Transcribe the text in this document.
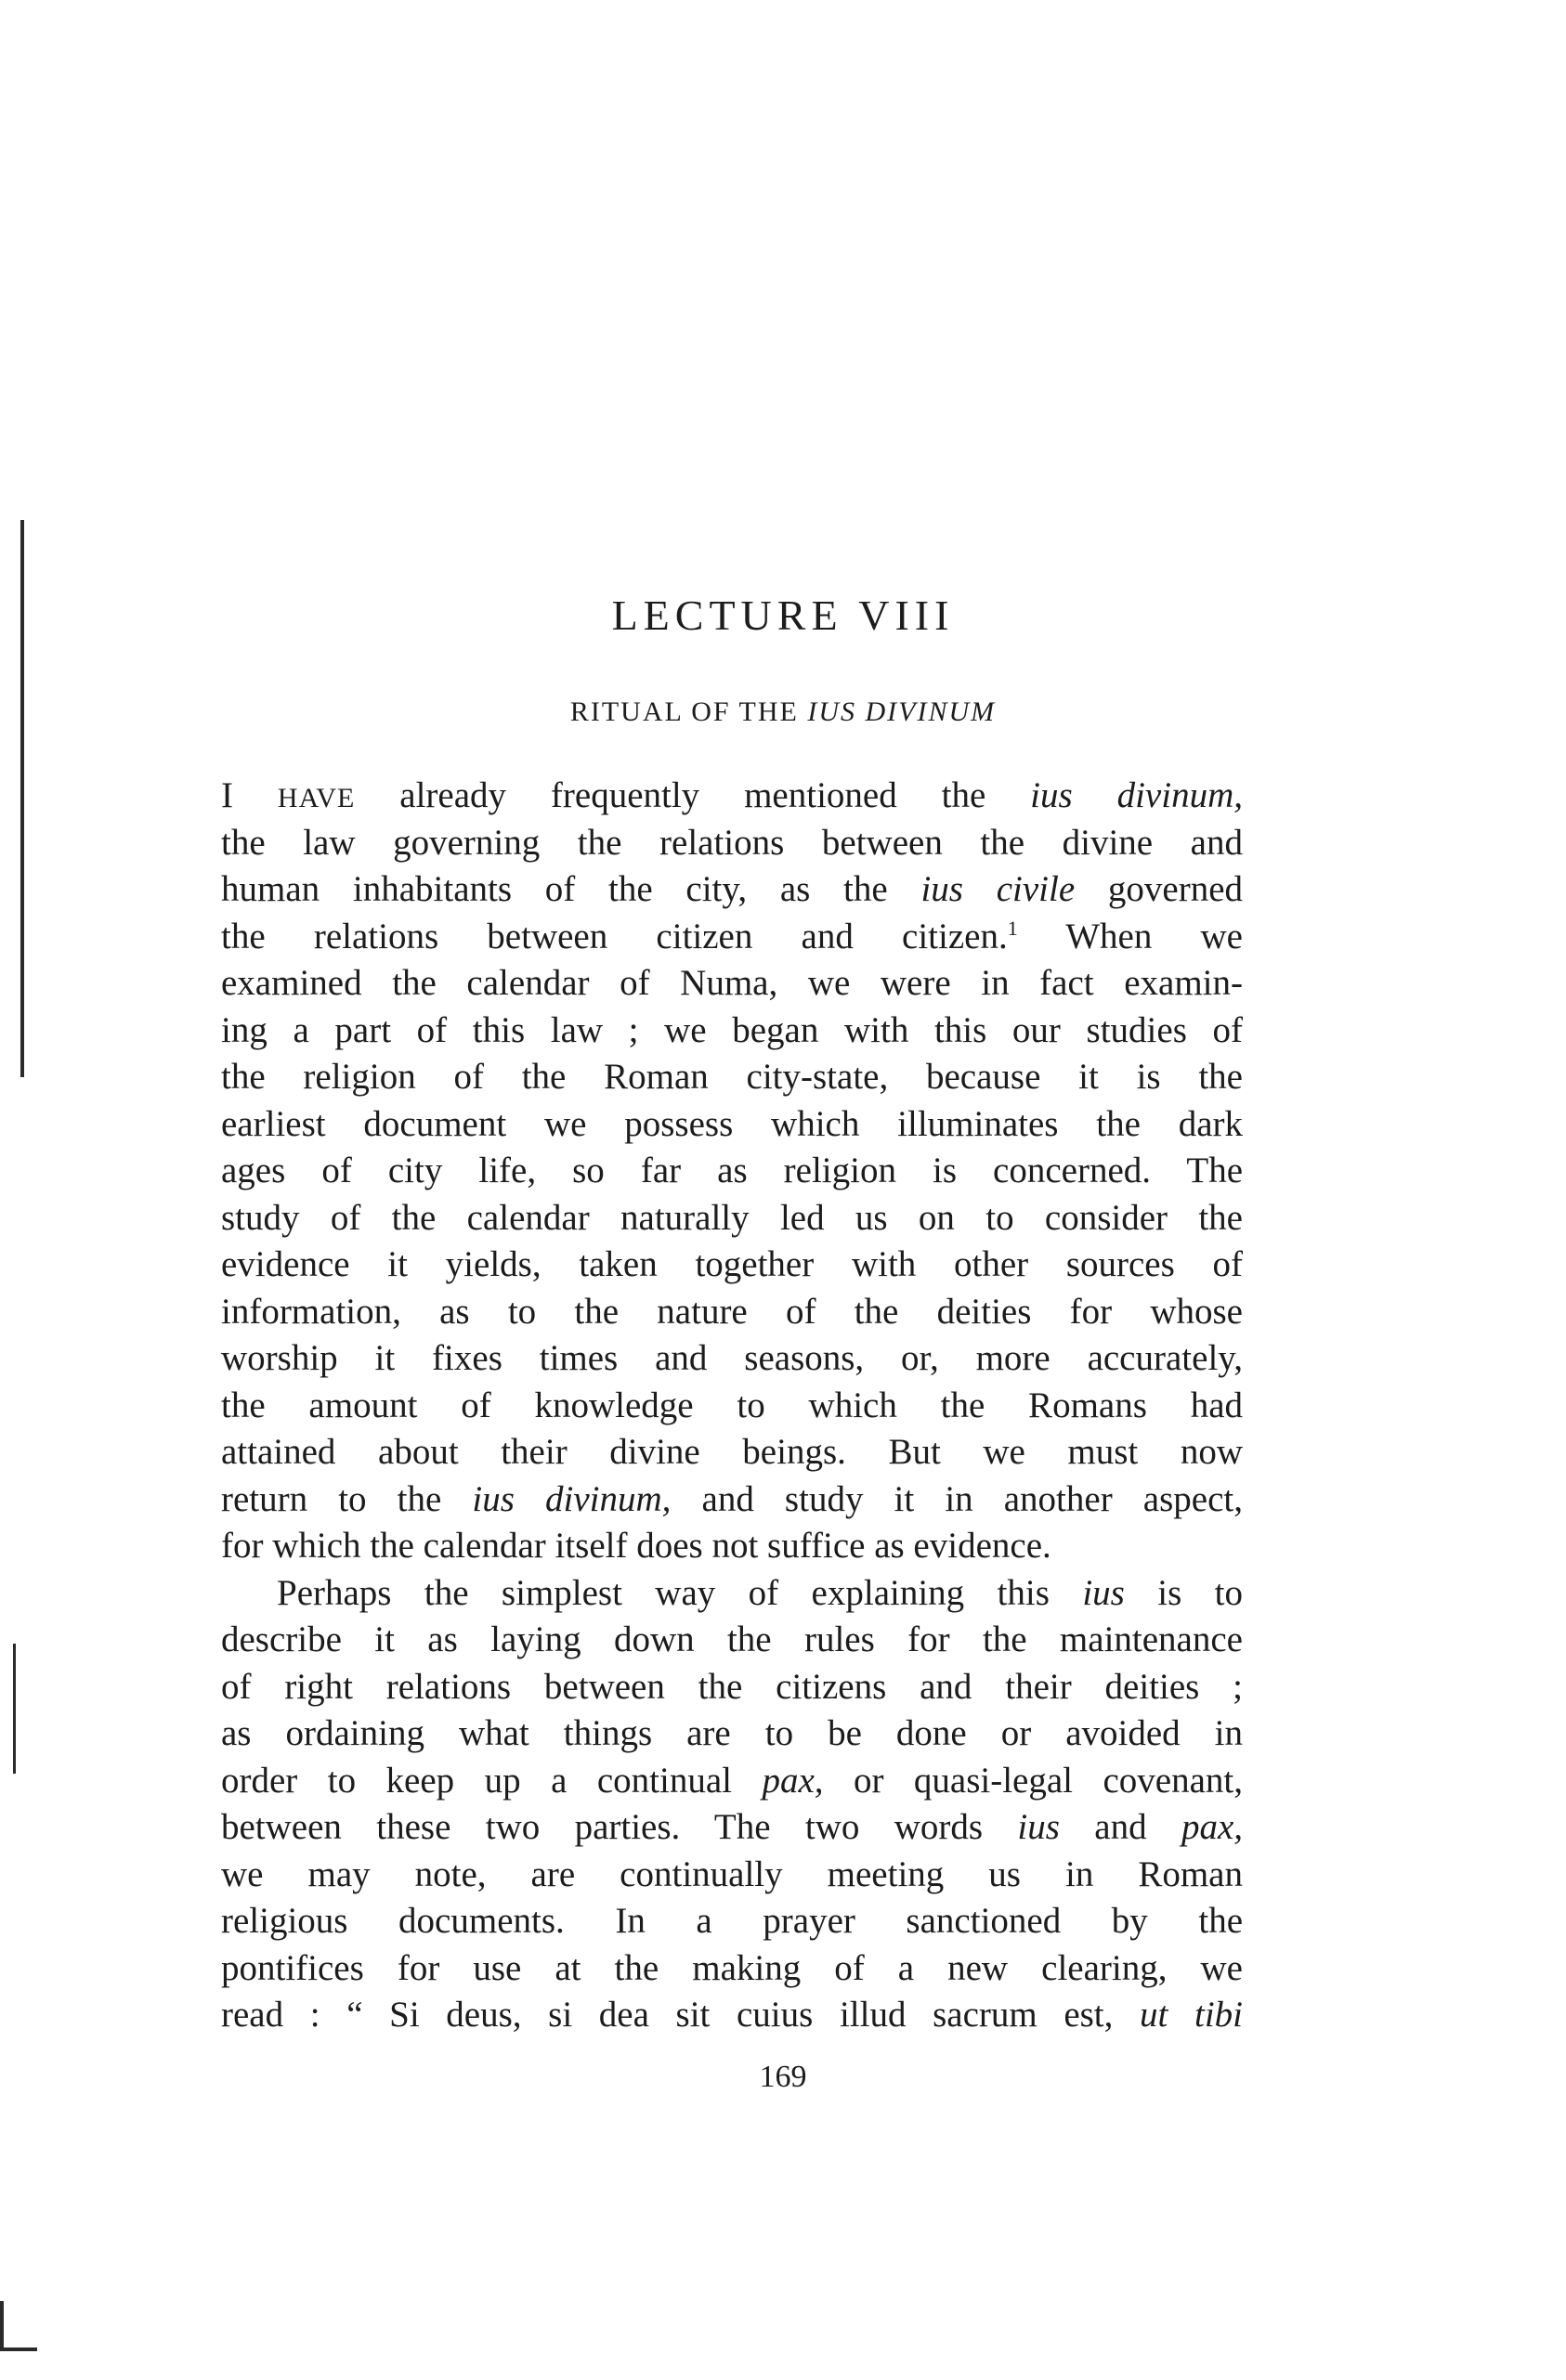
LECTURE VIII
RITUAL OF THE IUS DIVINUM
I HAVE already frequently mentioned the ius divinum,
the law governing the relations between the divine and
human inhabitants of the city, as the ius civile governed
the relations between citizen and citizen.$^1$ When we
examined the calendar of Numa, we were in fact examin-
ing a part of this law ; we began with this our studies of
the religion of the Roman city-state, because it is the
earliest document we possess which illuminates the dark
ages of city life, so far as religion is concerned. The
study of the calendar naturally led us on to consider the
evidence it yields, taken together with other sources of
information, as to the nature of the deities for whose
worship it fixes times and seasons, or, more accurately,
the amount of knowledge to which the Romans had
attained about their divine beings. But we must now
return to the ius divinum, and study it in another aspect,
for which the calendar itself does not suffice as evidence.
Perhaps the simplest way of explaining this ius is to
describe it as laying down the rules for the maintenance
of right relations between the citizens and their deities ;
as ordaining what things are to be done or avoided in
order to keep up a continual pax, or quasi-legal covenant,
between these two parties. The two words ius and pax,
we may note, are continually meeting us in Roman
religious documents. In a prayer sanctioned by the
pontifices for use at the making of a new clearing, we
read : “ Si deus, si dea sit cuius illud sacrum est, ut tibi
169
